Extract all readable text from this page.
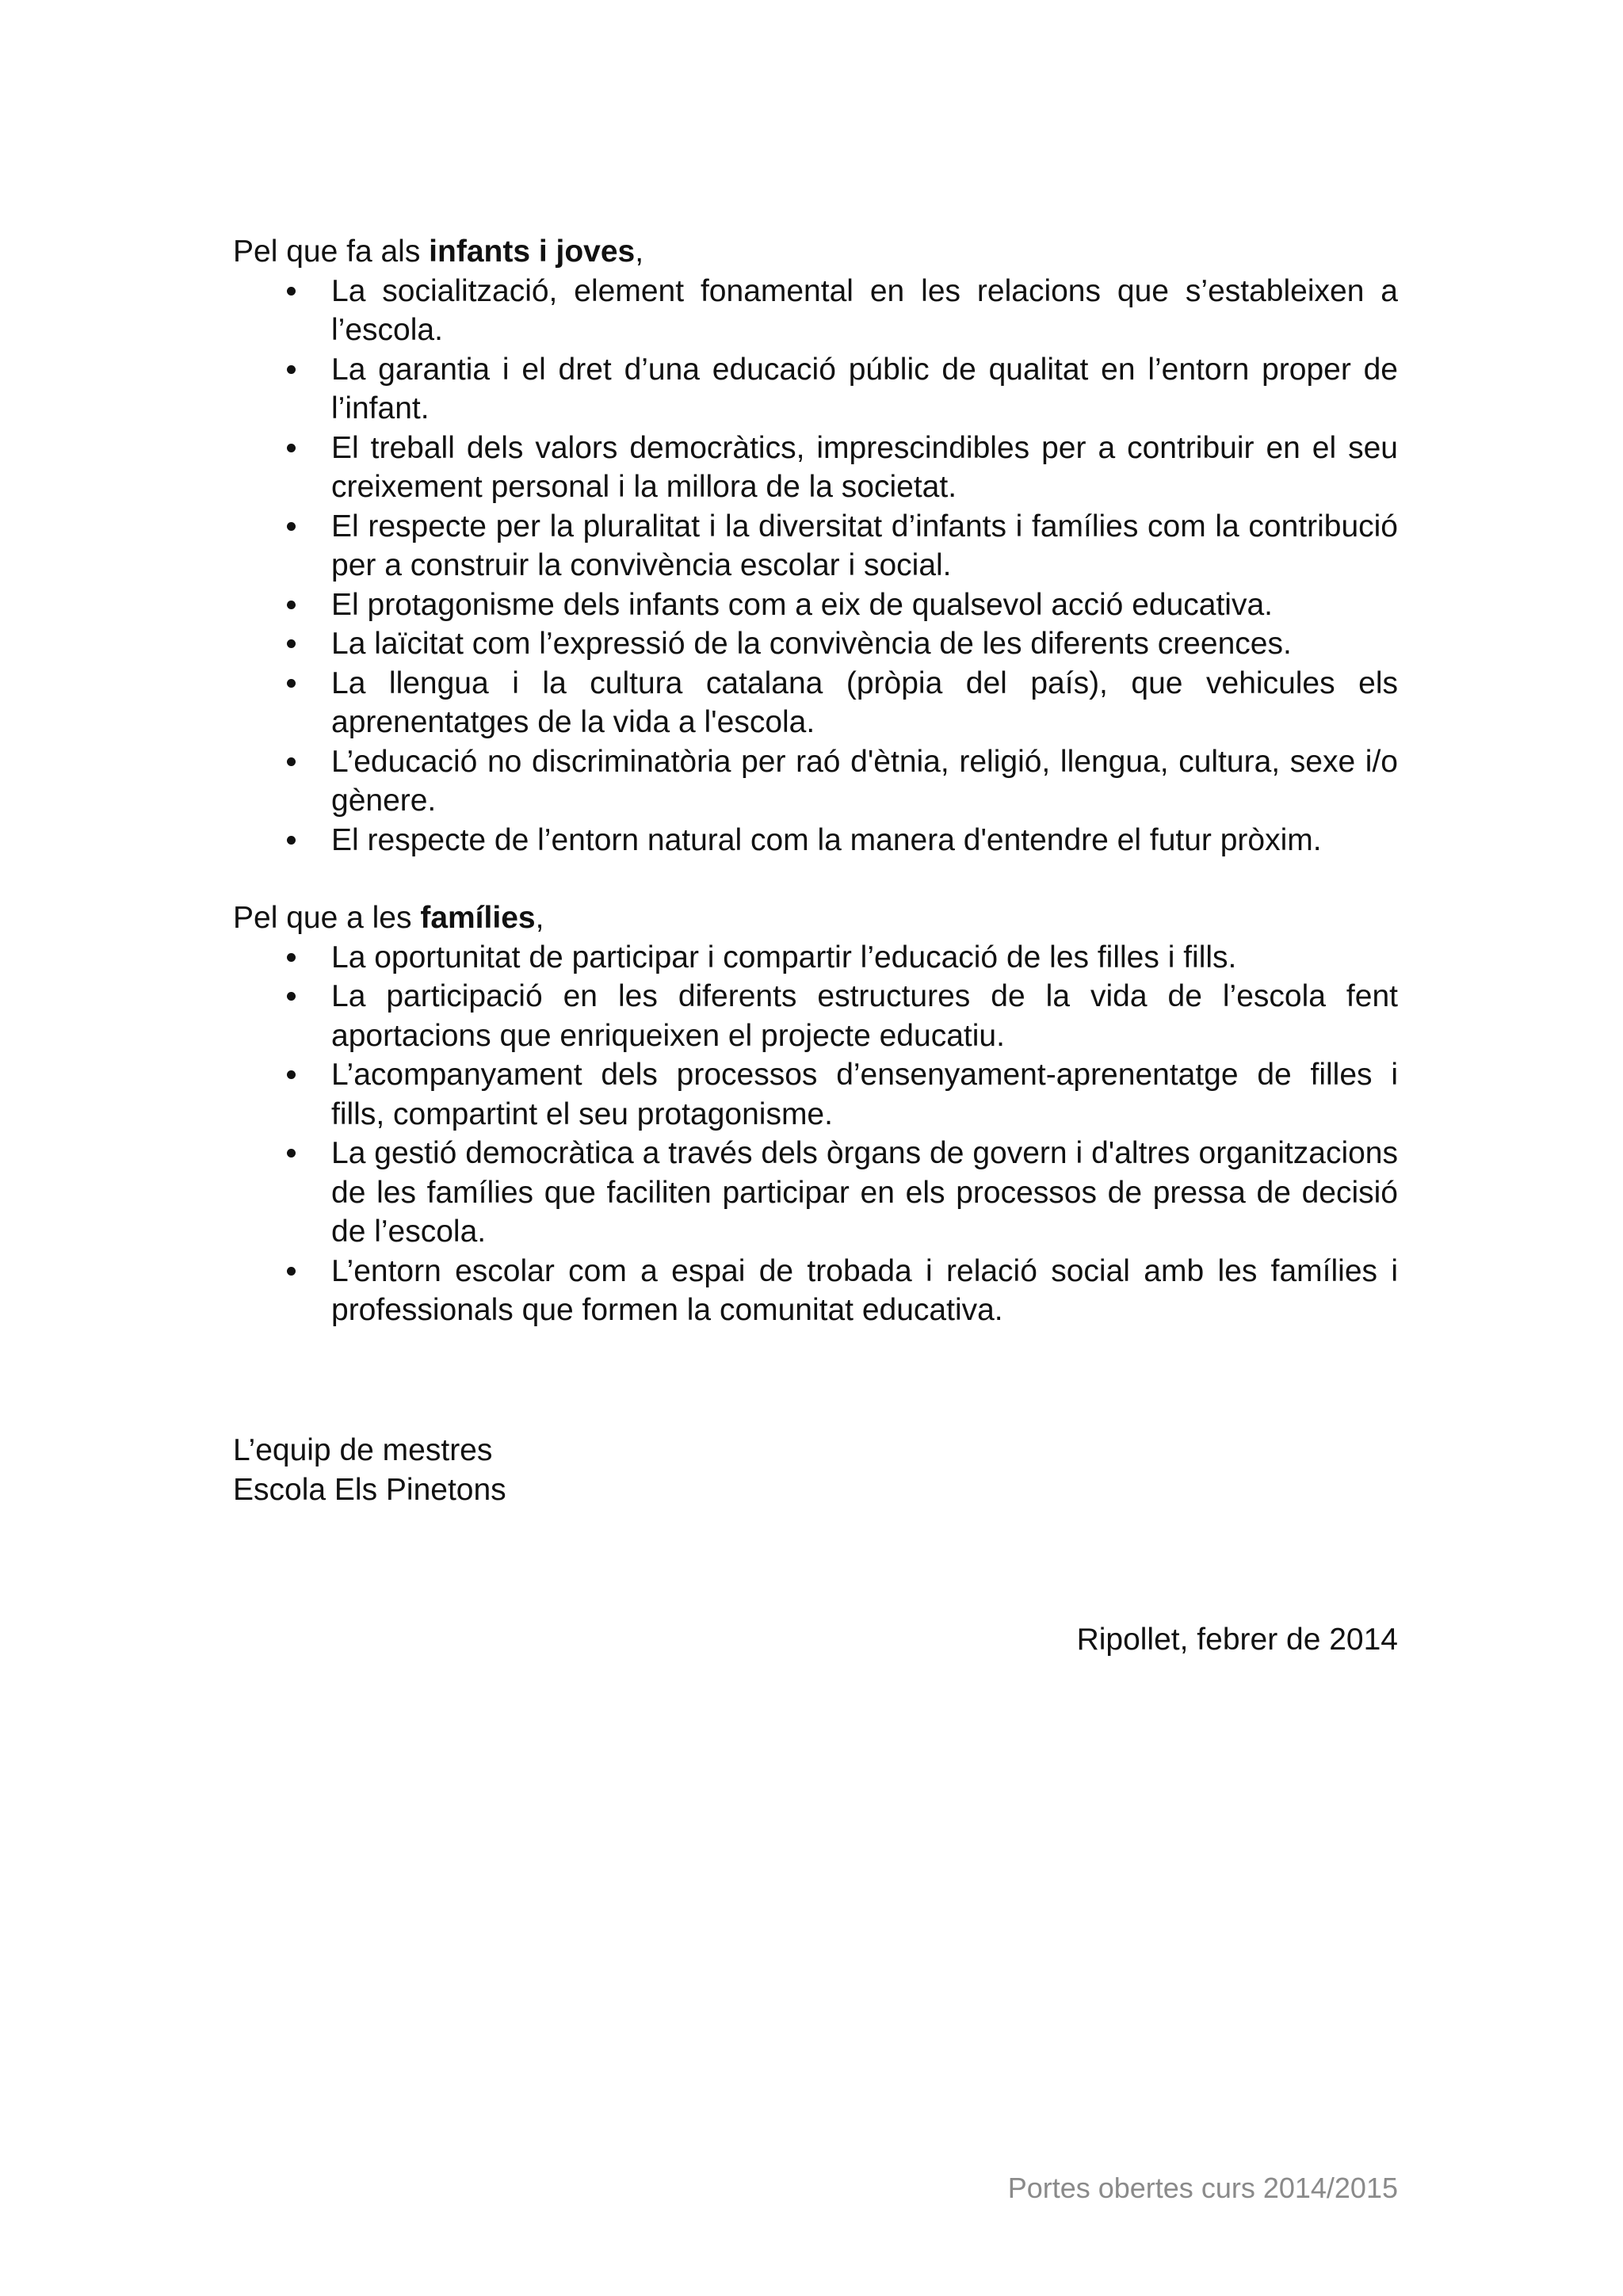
Pel que fa als infants i joves,

La socialització, element fonamental en les relacions que s’estableixen a l’escola.
La garantia i el dret d’una educació públic de qualitat en l’entorn proper de l’infant.
El treball dels valors democràtics, imprescindibles per a contribuir en el seu creixement personal i la millora de la societat.
El respecte per la pluralitat i la diversitat d’infants i famílies com la contribució per a construir la convivència escolar i social.
El protagonisme dels infants com a eix de qualsevol acció educativa.
La laïcitat com l’expressió de la convivència de les diferents creences.
La llengua i la cultura catalana (pròpia del país), que vehicules els aprenentatges de la vida a l'escola.
L’educació no discriminatòria per raó d'ètnia, religió, llengua, cultura, sexe i/o gènere.
El respecte de l’entorn natural com la manera d'entendre el futur pròxim.

Pel que a les famílies,

La oportunitat de participar i compartir l’educació de les filles i fills.
La participació en les diferents estructures de la vida de l’escola fent aportacions que enriqueixen el projecte educatiu.
L’acompanyament dels processos d’ensenyament-aprenentatge de filles i fills, compartint el seu protagonisme.
La gestió democràtica a través dels òrgans de govern i d'altres organitzacions de les famílies que faciliten participar en els processos de pressa de decisió de l’escola.
L’entorn escolar com a espai de trobada i relació social amb les famílies i professionals que formen la comunitat educativa.
L’equip de mestres
Escola Els Pinetons
Ripollet, febrer de 2014
Portes obertes curs 2014/2015
